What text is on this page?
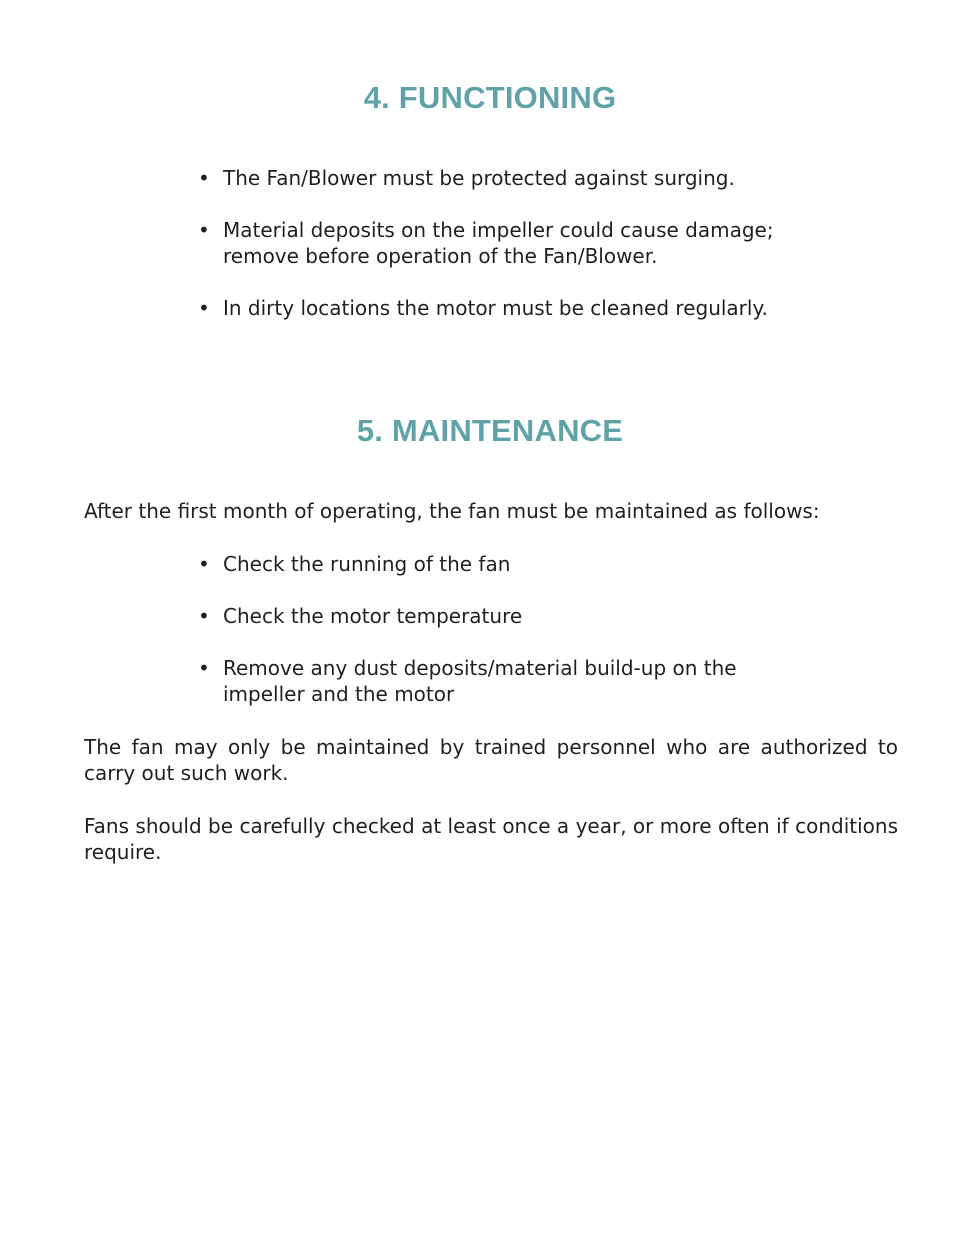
4. FUNCTIONING
• The Fan/Blower must be protected against surging.
• Material deposits on the impeller could cause damage;
remove before operation of the Fan/Blower.
• In dirty locations the motor must be cleaned regularly.
5. MAINTENANCE

After the first month of operating, the fan must be maintained as follows:

• Check the running of the fan
• Check the motor temperature
• Remove any dust deposits/material build-up on the
impeller and the motor

The fan may only be maintained by trained personnel who are authorized to carry out such work.

Fans should be carefully checked at least once a year, or more often if conditions require.
